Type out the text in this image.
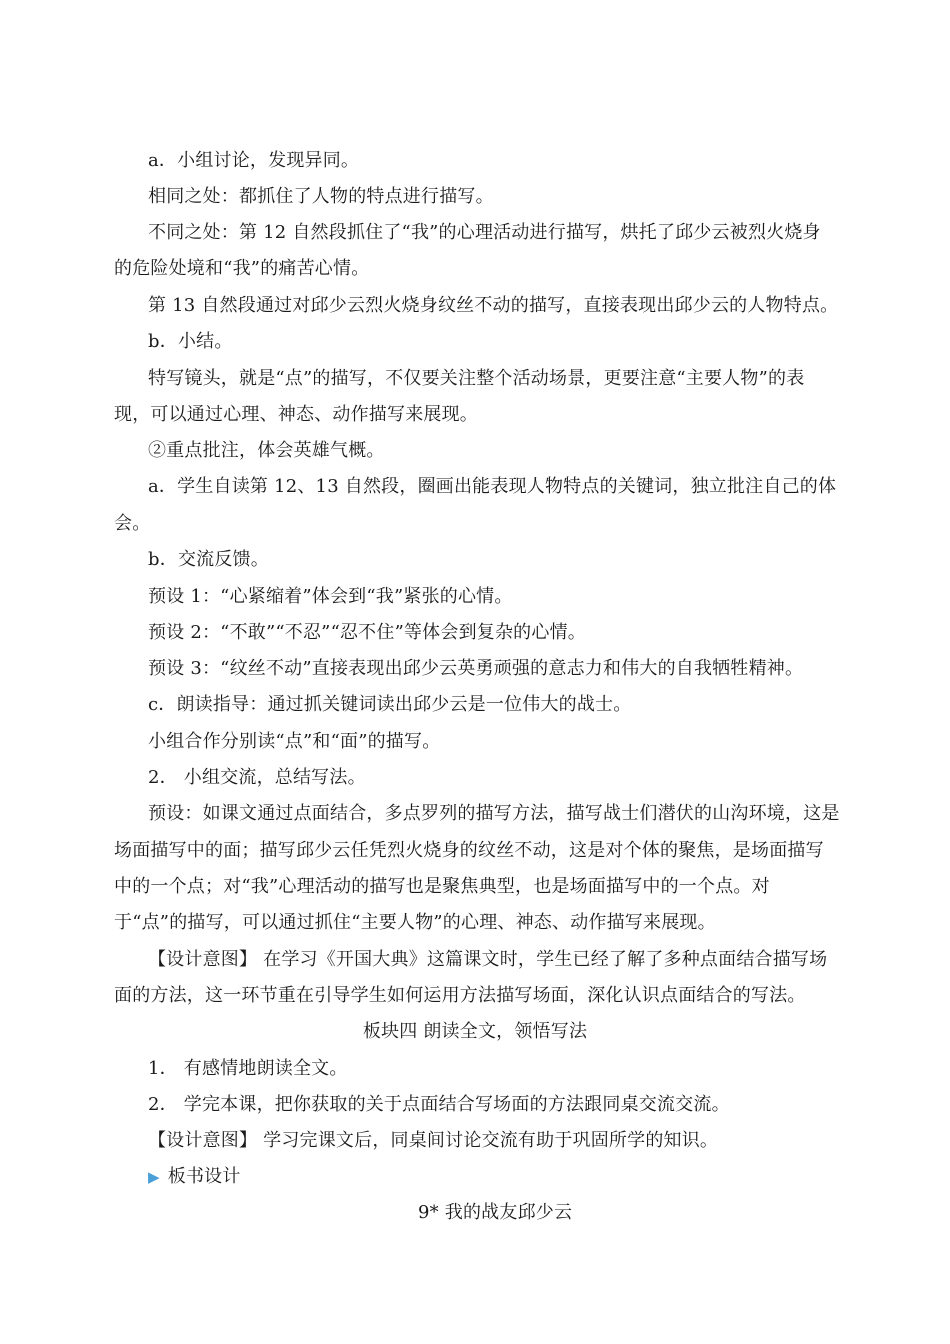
a．小组讨论，发现异同。
相同之处：都抓住了人物的特点进行描写。
不同之处：第 12 自然段抓住了“我”的心理活动进行描写，烘托了邱少云被烈火烧身
的危险处境和“我”的痛苦心情。
第 13 自然段通过对邱少云烈火烧身纹丝不动的描写，直接表现出邱少云的人物特点。
b．小结。
特写镜头，就是“点”的描写，不仅要关注整个活动场景，更要注意“主要人物”的表
现，可以通过心理、神态、动作描写来展现。
②重点批注，体会英雄气概。
a．学生自读第 12、13 自然段，圈画出能表现人物特点的关键词，独立批注自己的体
会。
b．交流反馈。
预设 1：“心紧缩着”体会到“我”紧张的心情。
预设 2：“不敢”“不忍”“忍不住”等体会到复杂的心情。
预设 3：“纹丝不动”直接表现出邱少云英勇顽强的意志力和伟大的自我牺牲精神。
c．朗读指导：通过抓关键词读出邱少云是一位伟大的战士。
小组合作分别读“点”和“面”的描写。
2． 小组交流，总结写法。
预设：如课文通过点面结合，多点罗列的描写方法，描写战士们潜伏的山沟环境，这是
场面描写中的面；描写邱少云任凭烈火烧身的纹丝不动，这是对个体的聚焦，是场面描写
中的一个点；对“我”心理活动的描写也是聚焦典型，也是场面描写中的一个点。对
于“点”的描写，可以通过抓住“主要人物”的心理、神态、动作描写来展现。
【设计意图】 在学习《开国大典》这篇课文时，学生已经了解了多种点面结合描写场
面的方法，这一环节重在引导学生如何运用方法描写场面，深化认识点面结合的写法。
板块四 朗读全文，领悟写法
1． 有感情地朗读全文。
2． 学完本课，把你获取的关于点面结合写场面的方法跟同桌交流交流。
【设计意图】 学习完课文后，同桌间讨论交流有助于巩固所学的知识。
▶ 板书设计
9* 我的战友邱少云
